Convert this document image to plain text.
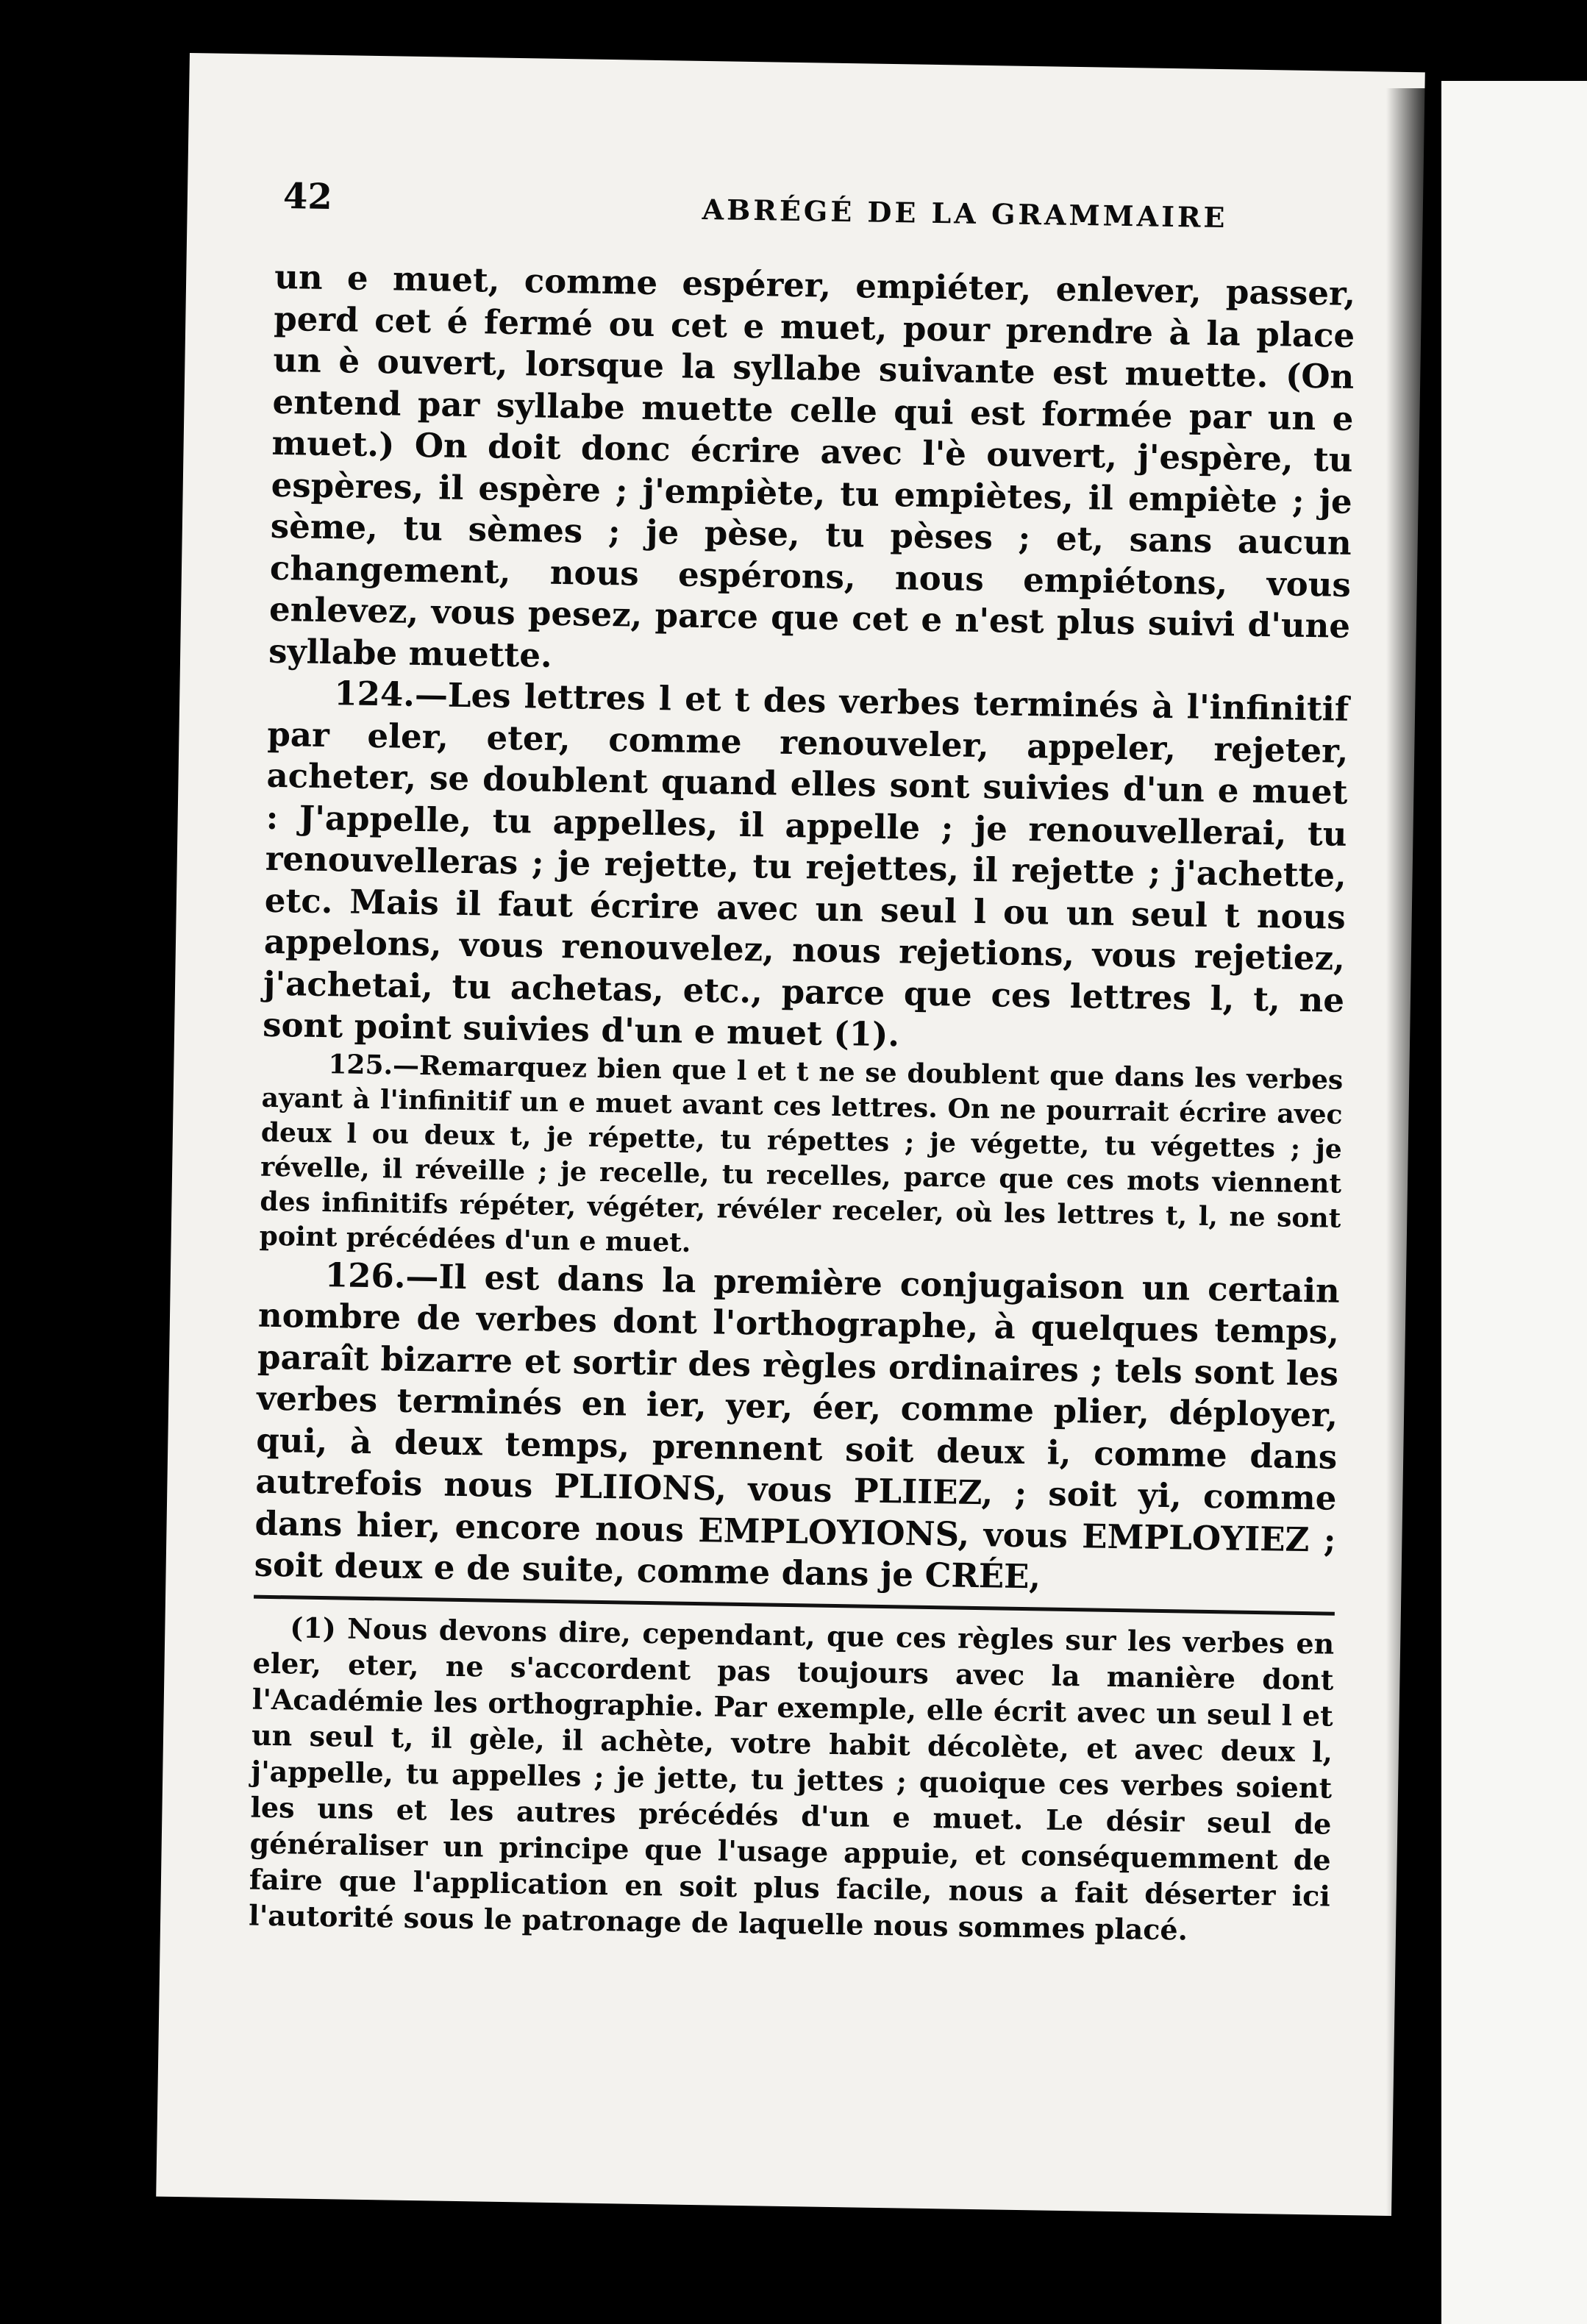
42	ABRÉGÉ DE LA GRAMMAIRE

un e muet, comme espérer, empiéter, enlever, passer, perd cet é fermé ou cet e muet, pour prendre à la place un è ouvert, lorsque la syllabe suivante est muette. (On entend par syllabe muette celle qui est formée par un e muet.) On doit donc écrire avec l'è ouvert, j'espère, tu espères, il espère ; j'empiète, tu empiètes, il empiète ; je sème, tu sèmes ; je pèse, tu pèses ; et, sans aucun changement, nous espérons, nous empiétons, vous enlevez, vous pesez, parce que cet e n'est plus suivi d'une syllabe muette.

124.—Les lettres l et t des verbes terminés à l'infinitif par eler, eter, comme renouveler, appeler, rejeter, acheter, se doublent quand elles sont suivies d'un e muet : J'appelle, tu appelles, il appelle ; je renouvellerai, tu renouvelleras ; je rejette, tu rejettes, il rejette ; j'achette, etc. Mais il faut écrire avec un seul l ou un seul t nous appelons, vous renouvelez, nous rejetions, vous rejetiez, j'achetai, tu achetas, etc., parce que ces lettres l, t, ne sont point suivies d'un e muet (1).

125.—Remarquez bien que l et t ne se doublent que dans les verbes ayant à l'infinitif un e muet avant ces lettres. On ne pourrait écrire avec deux l ou deux t, je répette, tu répettes ; je végette, tu végettes ; je révelle, il réveille ; je recelle, tu recelles, parce que ces mots viennent des infinitifs répéter, végéter, révéler receler, où les lettres t, l, ne sont point précédées d'un e muet.

126.—Il est dans la première conjugaison un certain nombre de verbes dont l'orthographe, à quelques temps, paraît bizarre et sortir des règles ordinaires ; tels sont les verbes terminés en ier, yer, éer, comme plier, déployer, qui, à deux temps, prennent soit deux i, comme dans autrefois nous PLIIONS, vous PLIIEZ, ; soit yi, comme dans hier, encore nous EMPLOYIONS, vous EMPLOYIEZ ; soit deux e de suite, comme dans je CRÉE,

(1) Nous devons dire, cependant, que ces règles sur les verbes en eler, eter, ne s'accordent pas toujours avec la manière dont l'Académie les orthographie. Par exemple, elle écrit avec un seul l et un seul t, il gèle, il achète, votre habit décolète, et avec deux l, j'appelle, tu appelles ; je jette, tu jettes ; quoique ces verbes soient les uns et les autres précédés d'un e muet. Le désir seul de généraliser un principe que l'usage appuie, et conséquemment de faire que l'application en soit plus facile, nous a fait déserter ici l'autorité sous le patronage de laquelle nous sommes placé.
